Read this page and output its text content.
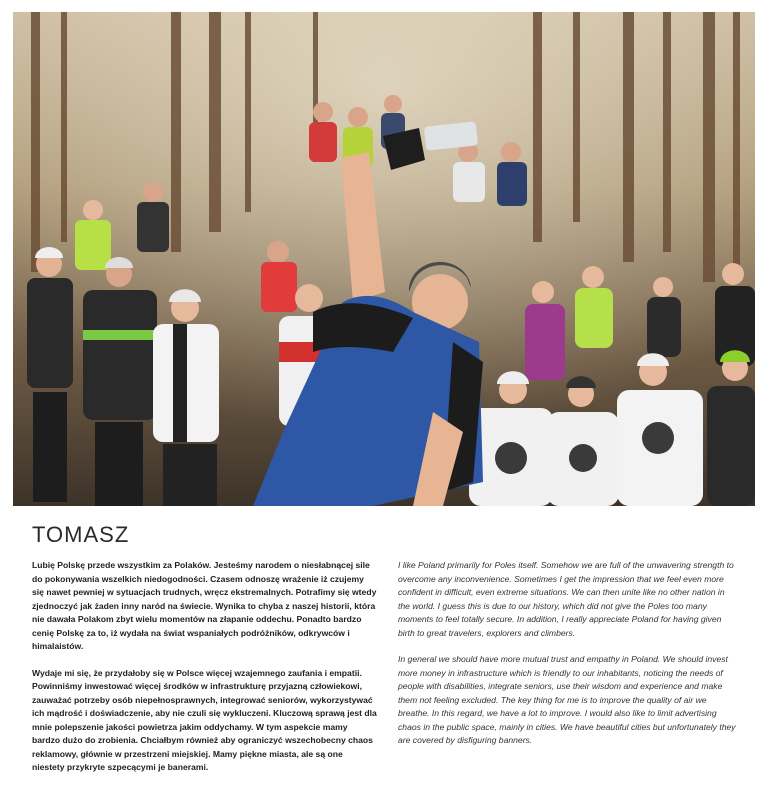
TOMASZ

Lubię Polskę przede wszystkim za Polaków. Jesteśmy narodem o niesłabnącej sile do pokonywania wszelkich niedogodności. Czasem odnoszę wrażenie iż czujemy się nawet pewniej w sytuacjach trudnych, wręcz ekstremalnych. Potrafimy się wtedy zjednoczyć jak żaden inny naród na świecie. Wynika to chyba z naszej historii, która nie dawała Polakom zbyt wielu momentów na złapanie oddechu. Ponadto bardzo cenię Polskę za to, iż wydała na świat wspaniałych podróżników, odkrywców i himalaistów.

Wydaje mi się, że przydałoby się w Polsce więcej wzajemnego zaufania i empatii. Powinniśmy inwestować więcej środków w infrastrukturę przyjazną człowiekowi, zauważać potrzeby osób niepełnosprawnych, integrować seniorów, wykorzystywać ich mądrość i doświadczenie, aby nie czuli się wykluczeni. Kluczową sprawą jest dla mnie polepszenie jakości powietrza jakim oddychamy. W tym aspekcie mamy bardzo dużo do zrobienia. Chciałbym również aby ograniczyć wszechobecny chaos reklamowy, głównie w przestrzeni miejskiej. Mamy piękne miasta, ale są one niestety przykryte szpecącymi je banerami.

I like Poland primarily for Poles itself. Somehow we are full of the unwavering strength to overcome any inconvenience. Sometimes I get the impression that we feel even more confident in difficult, even extreme situations. We can then unite like no other nation in the world. I guess this is due to our history, which did not give the Poles too many moments to feel totally secure. In addition, I really appreciate Poland for having given birth to great travelers, explorers and climbers.

In general we should have more mutual trust and empathy in Poland. We should invest more money in infrastructure which is friendly to our inhabitants, noticing the needs of people with disabilities, integrate seniors, use their wisdom and experience and make them not feeling excluded. The key thing for me is to improve the quality of air we breathe. In this regard, we have a lot to improve. I would also like to limit advertising chaos in the public space, mainly in cities. We have beautiful cities but unfortunately they are covered by disfiguring banners.
